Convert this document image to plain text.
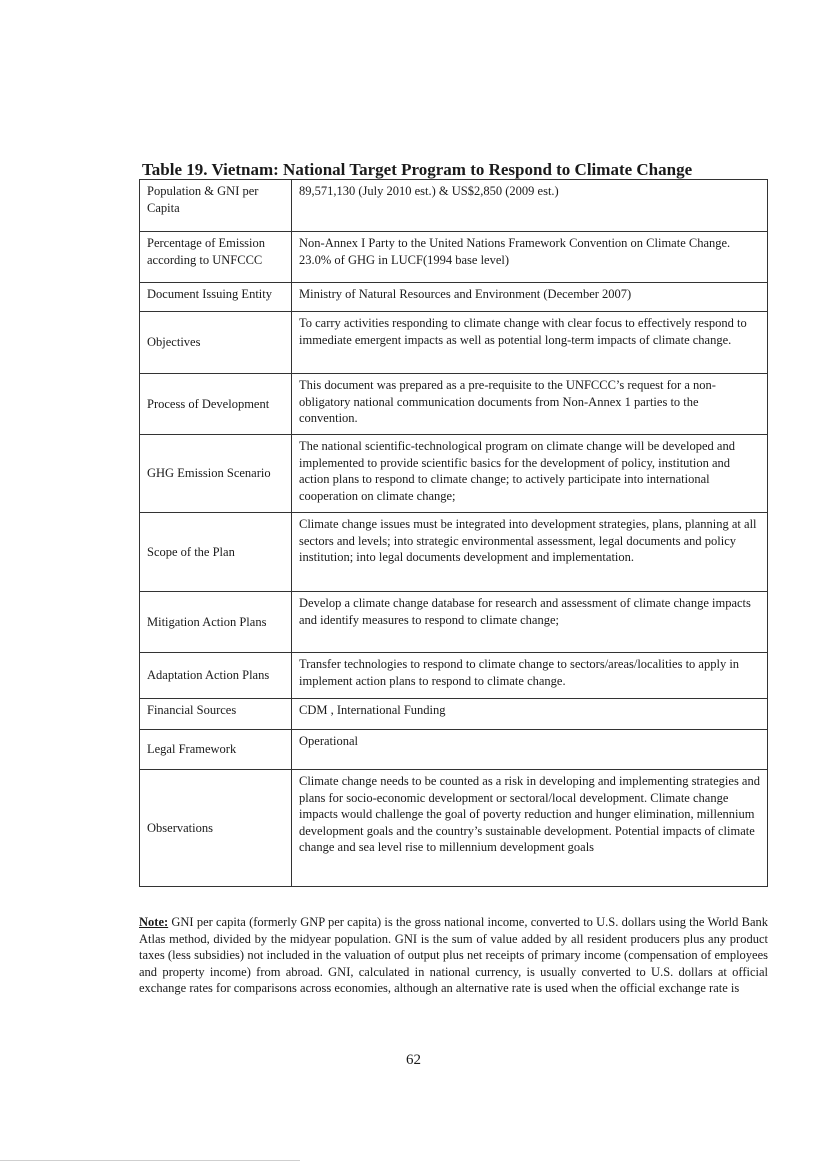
Table 19. Vietnam: National Target Program to Respond to Climate Change
Population & GNI per Capita	89,571,130 (July 2010 est.) & US$2,850 (2009 est.)
Percentage of Emission according to UNFCCC	Non-Annex I Party to the United Nations Framework Convention on Climate Change. 23.0% of GHG in LUCF(1994 base level)
Document Issuing Entity	Ministry of Natural Resources and Environment (December 2007)
Objectives	To carry activities responding to climate change with clear focus to effectively respond to immediate emergent impacts as well as potential long-term impacts of climate change.
Process of Development	This document was prepared as a pre-requisite to the UNFCCC’s request for a non-obligatory national communication documents from Non-Annex 1 parties to the convention.
GHG Emission Scenario	The national scientific-technological program on climate change will be developed and implemented to provide scientific basics for the development of policy, institution and action plans to respond to climate change; to actively participate into international cooperation on climate change;
Scope of the Plan	Climate change issues must be integrated into development strategies, plans, planning at all sectors and levels; into strategic environmental assessment, legal documents and policy institution; into legal documents development and implementation.
Mitigation Action Plans	Develop a climate change database for research and assessment of climate change impacts and identify measures to respond to climate change;
Adaptation Action Plans	Transfer technologies to respond to climate change to sectors/areas/localities to apply in implement action plans to respond to climate change.
Financial Sources	CDM , International Funding
Legal Framework	Operational
Observations	Climate change needs to be counted as a risk in developing and implementing strategies and plans for socio-economic development or sectoral/local development. Climate change impacts would challenge the goal of poverty reduction and hunger elimination, millennium development goals and the country’s sustainable development. Potential impacts of climate change and sea level rise to millennium development goals
Note: GNI per capita (formerly GNP per capita) is the gross national income, converted to U.S. dollars using the World Bank Atlas method, divided by the midyear population. GNI is the sum of value added by all resident producers plus any product taxes (less subsidies) not included in the valuation of output plus net receipts of primary income (compensation of employees and property income) from abroad. GNI, calculated in national currency, is usually converted to U.S. dollars at official exchange rates for comparisons across economies, although an alternative rate is used when the official exchange rate is
62
